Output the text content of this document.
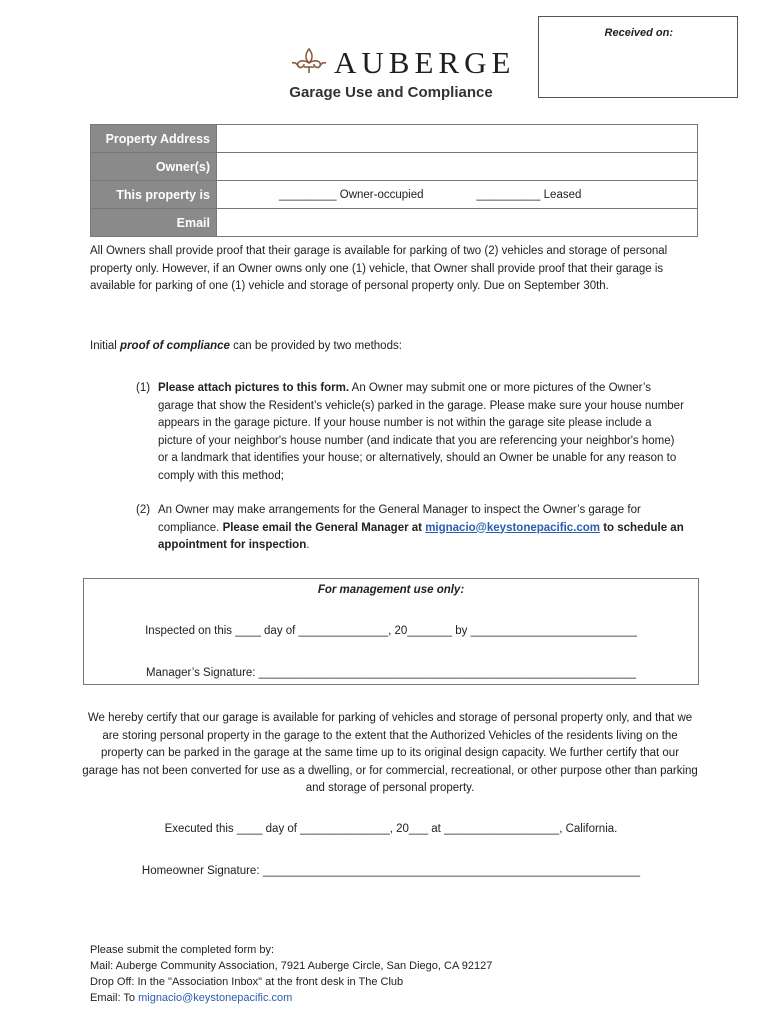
Received on:
AUBERGE
Garage Use and Compliance
Property Address	
Owner(s)	
This property is	_________ Owner-occupied __________ Leased

Email	
All Owners shall provide proof that their garage is available for parking of two (2) vehicles and storage of personal property only. However, if an Owner owns only one (1) vehicle, that Owner shall provide proof that their garage is available for parking of one (1) vehicle and storage of personal property only. Due on September 30th.
Initial proof of compliance can be provided by two methods:
(1) Please attach pictures to this form. An Owner may submit one or more pictures of the Owner’s garage that show the Resident’s vehicle(s) parked in the garage. Please make sure your house number appears in the garage picture. If your house number is not within the garage site please include a picture of your neighbor's house number (and indicate that you are referencing your neighbor's home) or a landmark that identifies your house; or alternatively, should an Owner be unable for any reason to comply with this method;
(2) An Owner may make arrangements for the General Manager to inspect the Owner’s garage for compliance. Please email the General Manager at mignacio@keystonepacific.com to schedule an appointment for inspection.
For management use only:
Inspected on this ____ day of ______________, 20_______ by __________________________
Manager’s Signature: ___________________________________________________________
We hereby certify that our garage is available for parking of vehicles and storage of personal property only, and that we are storing personal property in the garage to the extent that the Authorized Vehicles of the residents living on the property can be parked in the garage at the same time up to its original design capacity. We further certify that our garage has not been converted for use as a dwelling, or for commercial, recreational, or other purpose other than parking and storage of personal property.
Executed this ____ day of ______________, 20___ at __________________, California.
Homeowner Signature: ___________________________________________________________
Please submit the completed form by:
Mail: Auberge Community Association, 7921 Auberge Circle, San Diego, CA 92127
Drop Off: In the "Association Inbox" at the front desk in The Club
Email: To mignacio@keystonepacific.com
